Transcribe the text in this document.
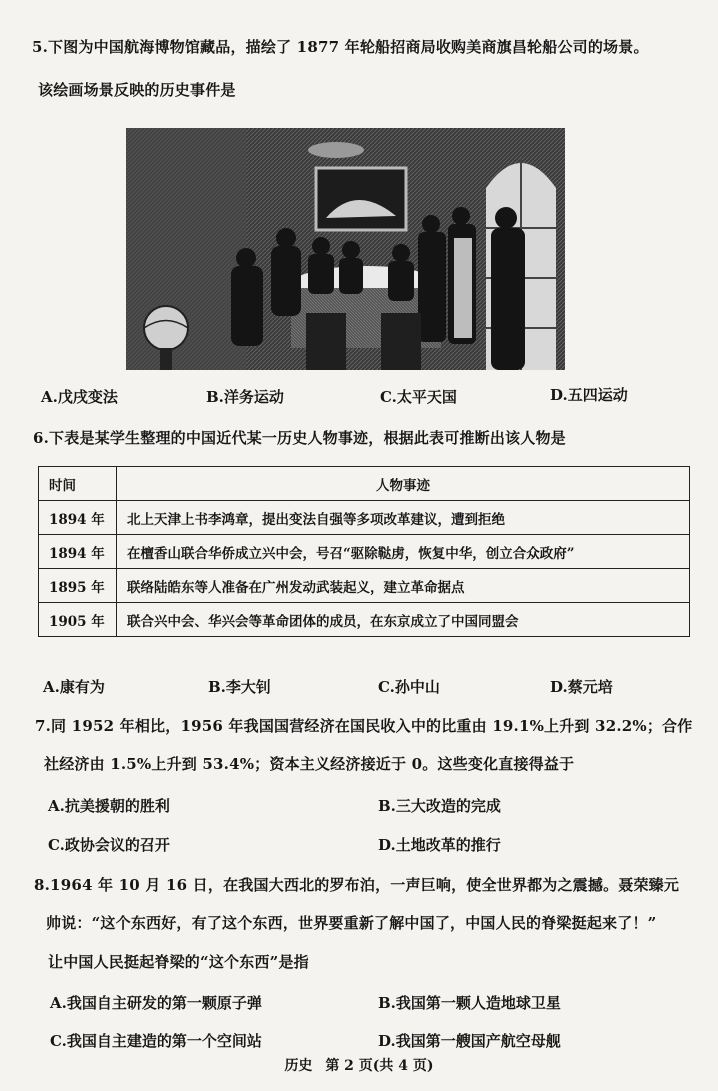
5.下图为中国航海博物馆藏品，描绘了 1877 年轮船招商局收购美商旗昌轮船公司的场景。
该绘画场景反映的历史事件是
A.戊戌变法	B.洋务运动	C.太平天国	D.五四运动
6.下表是某学生整理的中国近代某一历史人物事迹，根据此表可推断出该人物是
时间	人物事迹
1894 年	北上天津上书李鸿章，提出变法自强等多项改革建议，遭到拒绝
1894 年	在檀香山联合华侨成立兴中会，号召“驱除鞑虏，恢复中华，创立合众政府”
1895 年	联络陆皓东等人准备在广州发动武装起义，建立革命据点
1905 年	联合兴中会、华兴会等革命团体的成员，在东京成立了中国同盟会
A.康有为	B.李大钊	C.孙中山	D.蔡元培
7.同 1952 年相比，1956 年我国国营经济在国民收入中的比重由 19.1%上升到 32.2%；合作
社经济由 1.5%上升到 53.4%；资本主义经济接近于 0。这些变化直接得益于
A.抗美援朝的胜利	B.三大改造的完成
C.政协会议的召开	D.土地改革的推行
8.1964 年 10 月 16 日，在我国大西北的罗布泊，一声巨响，使全世界都为之震撼。聂荣臻元
帅说：“这个东西好，有了这个东西，世界要重新了解中国了，中国人民的脊梁挺起来了！”
让中国人民挺起脊梁的“这个东西”是指
A.我国自主研发的第一颗原子弹	B.我国第一颗人造地球卫星
C.我国自主建造的第一个空间站	D.我国第一艘国产航空母舰
历史 第 2 页(共 4 页)
